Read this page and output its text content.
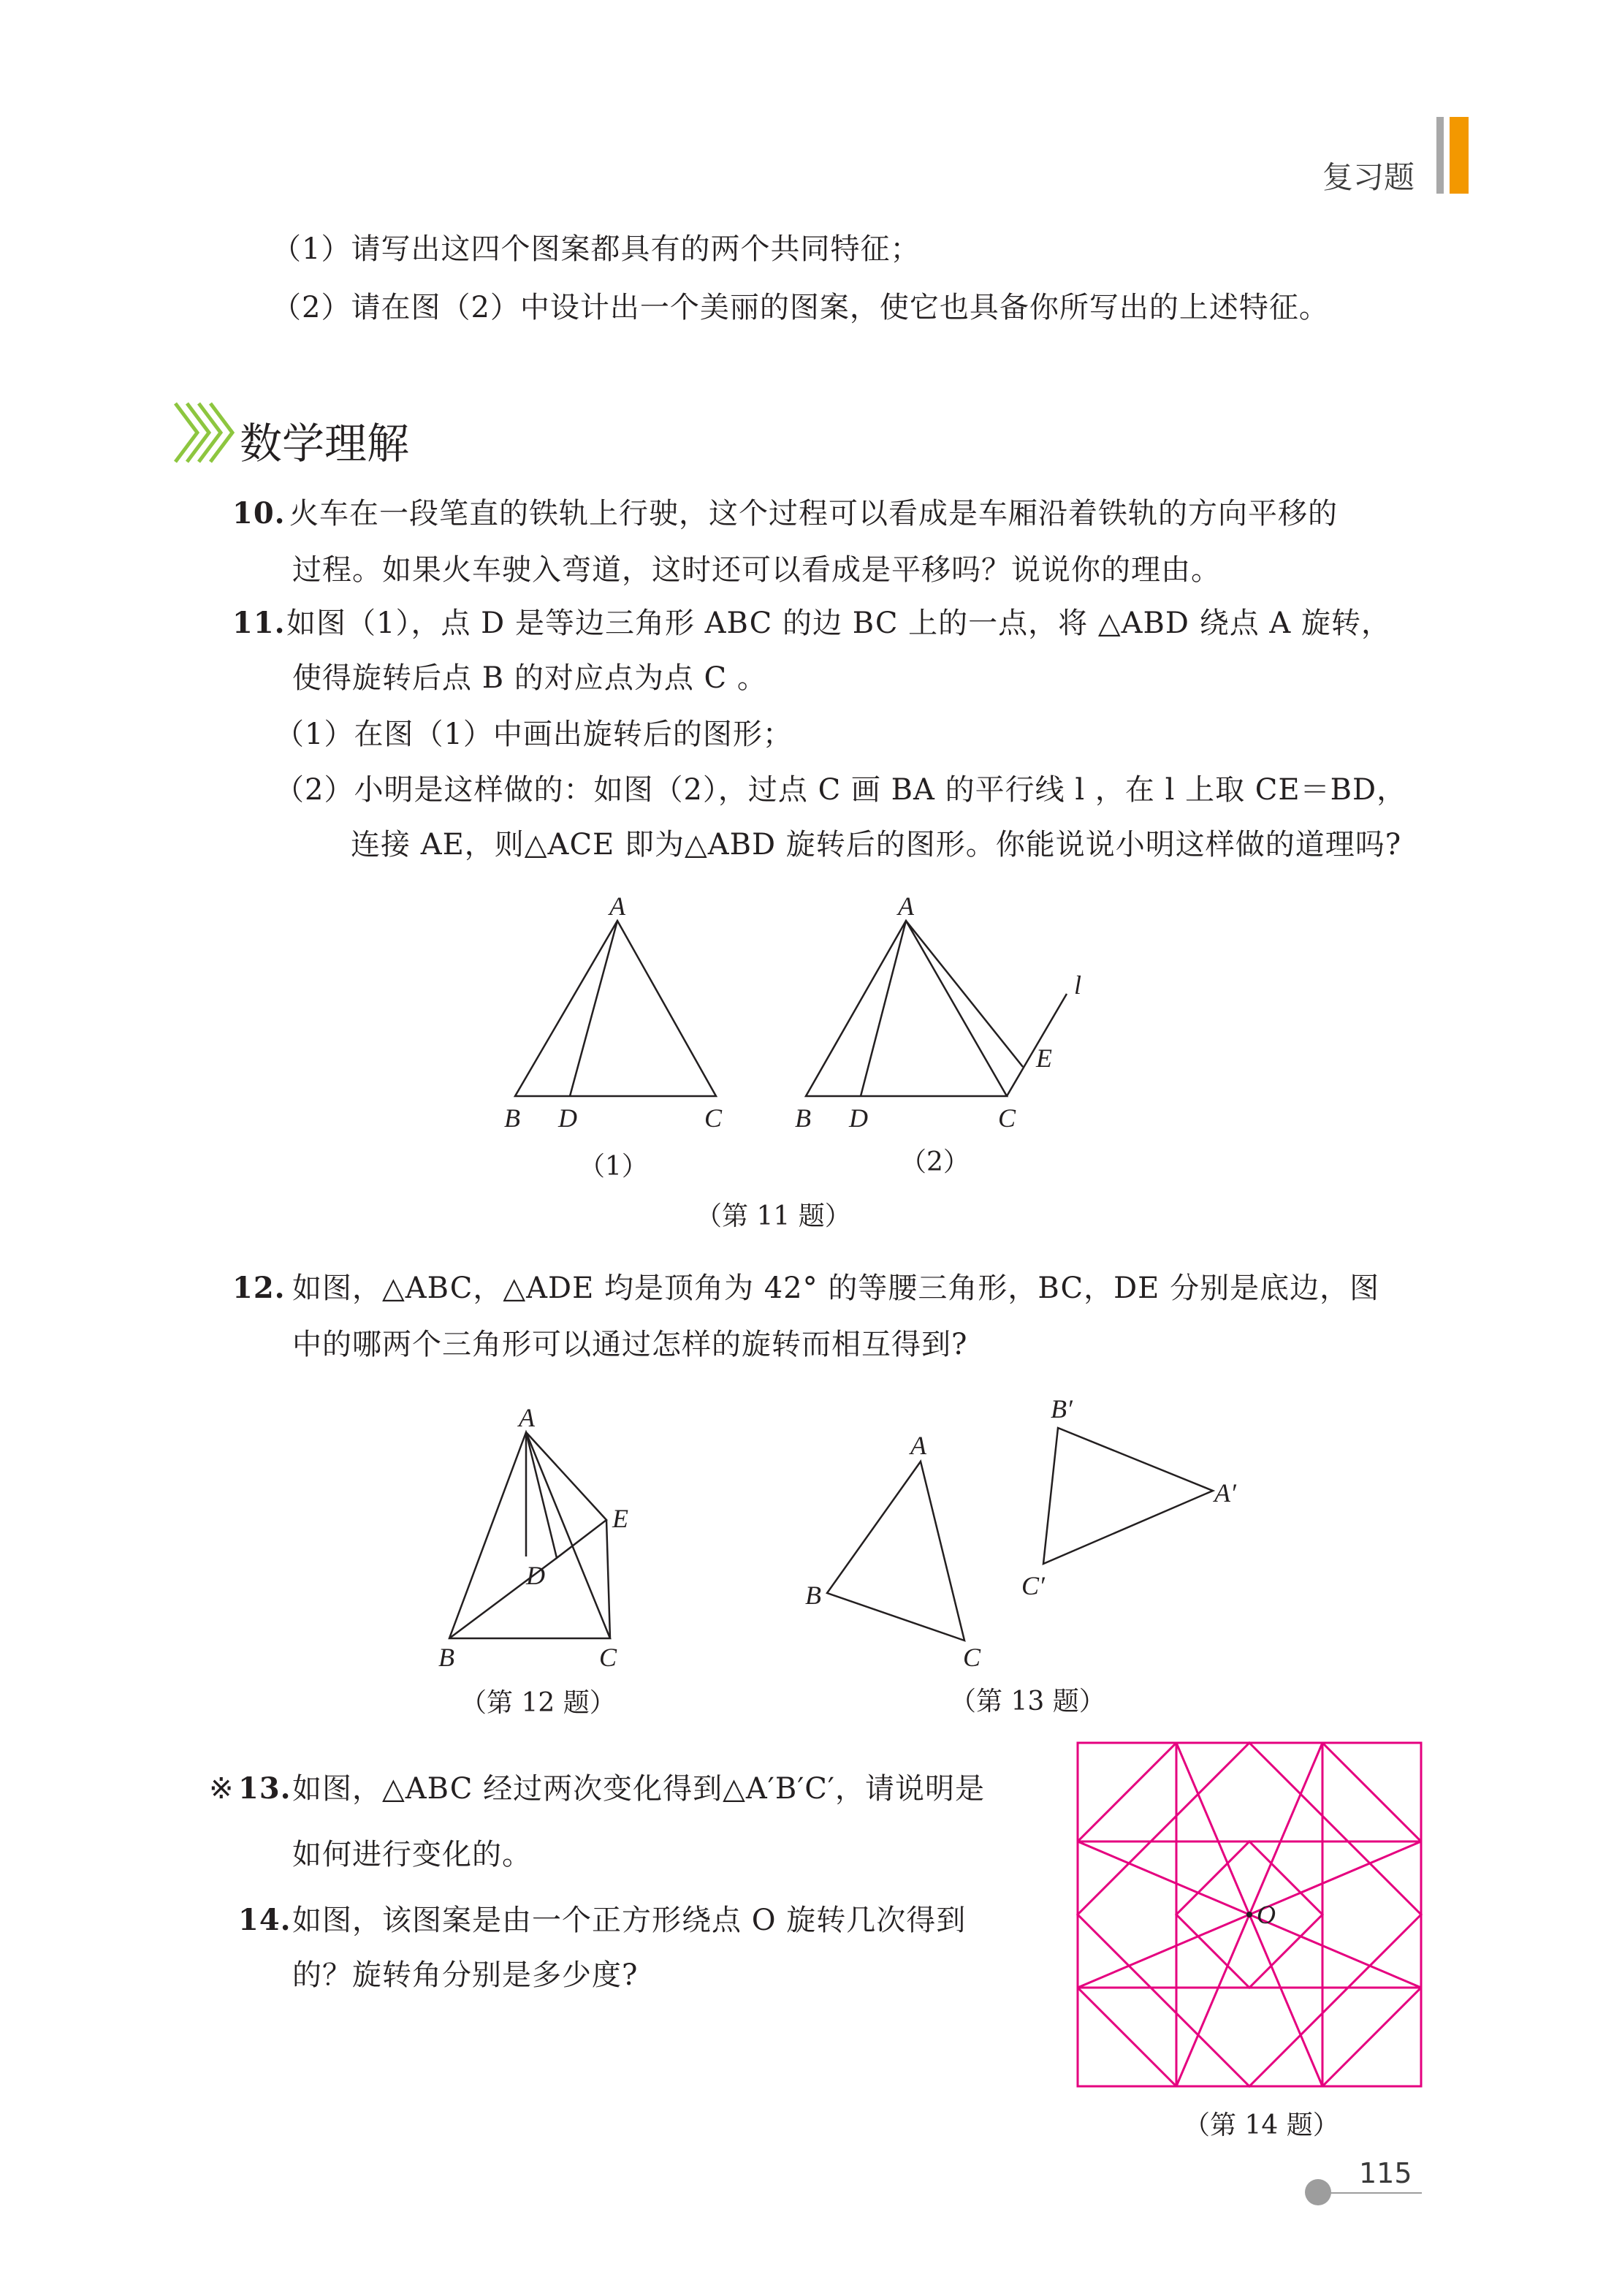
复习题
（1）请写出这四个图案都具有的两个共同特征；
（2）请在图（2）中设计出一个美丽的图案，使它也具备你所写出的上述特征。
数学理解
10. 火车在一段笔直的铁轨上行驶，这个过程可以看成是车厢沿着铁轨的方向平移的
过程。如果火车驶入弯道，这时还可以看成是平移吗？说说你的理由。
11. 如图（1），点 D 是等边三角形 ABC 的边 BC 上的一点，将 △ABD 绕点 A 旋转，
使得旋转后点 B 的对应点为点 C 。
（1）在图（1）中画出旋转后的图形；
（2）小明是这样做的：如图（2），过点 C 画 BA 的平行线 l ，在 l 上取 CE＝BD，
连接 AE，则△ACE 即为△ABD 旋转后的图形。你能说说小明这样做的道理吗?
A
B D	C
A
B D	C
E
l
（1）	（2）
（第 11 题）
12. 如图，△ABC，△ADE 均是顶角为 42° 的等腰三角形，BC，DE 分别是底边，图
中的哪两个三角形可以通过怎样的旋转而相互得到?
A
B	C
D
E
（第 12 题）
A
B
C
B′
A′
C′
（第 13 题）
※ 13. 如图，△ABC 经过两次变化得到△A′B′C′，请说明是
如何进行变化的。
14. 如图，该图案是由一个正方形绕点 O 旋转几次得到
的？旋转角分别是多少度?
O
（第 14 题）
115
